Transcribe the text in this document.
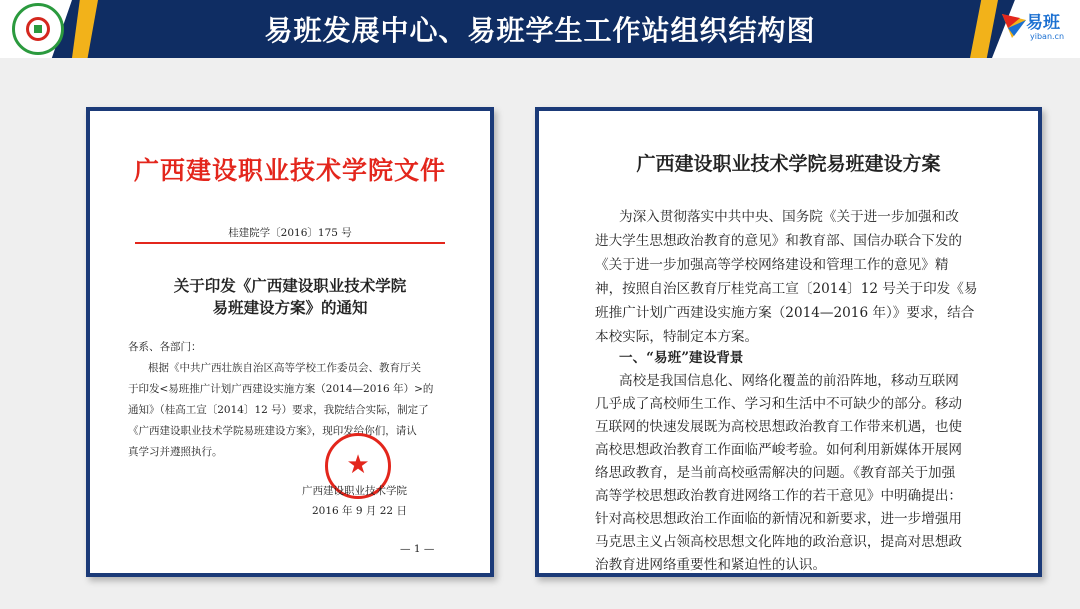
易班发展中心、易班学生工作站组织结构图	易班
yiban.cn
广西建设职业技术学院文件
桂建院学〔2016〕175 号
关于印发《广西建设职业技术学院
易班建设方案》的通知
各系、各部门：
根据《中共广西壮族自治区高等学校工作委员会、教育厅关
于印发<易班推广计划广西建设实施方案（2014—2016 年）>的
通知》（桂高工宣〔2014〕12 号）要求，我院结合实际，制定了
《广西建设职业技术学院易班建设方案》，现印发给你们，请认
真学习并遵照执行。	★
广西建设职业技术学院
2016 年 9 月 22 日
— 1 —
广西建设职业技术学院易班建设方案
为深入贯彻落实中共中央、国务院《关于进一步加强和改
进大学生思想政治教育的意见》和教育部、国信办联合下发的
《关于进一步加强高等学校网络建设和管理工作的意见》精
神，按照自治区教育厅桂党高工宣〔2014〕12 号关于印发《易
班推广计划广西建设实施方案（2014—2016 年）》要求，结合
本校实际，特制定本方案。
一、“易班”建设背景
高校是我国信息化、网络化覆盖的前沿阵地，移动互联网
几乎成了高校师生工作、学习和生活中不可缺少的部分。移动
互联网的快速发展既为高校思想政治教育工作带来机遇，也使
高校思想政治教育工作面临严峻考验。如何利用新媒体开展网
络思政教育，是当前高校亟需解决的问题。《教育部关于加强
高等学校思想政治教育进网络工作的若干意见》中明确提出：
针对高校思想政治工作面临的新情况和新要求，进一步增强用
马克思主义占领高校思想文化阵地的政治意识，提高对思想政
治教育进网络重要性和紧迫性的认识。
